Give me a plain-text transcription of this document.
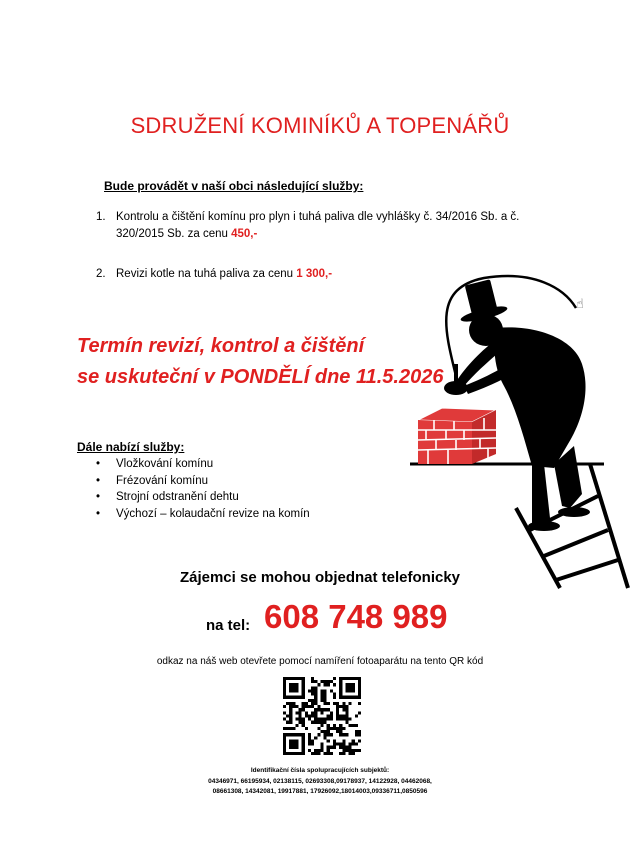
SDRUŽENÍ KOMINÍKŮ A TOPENÁŘŮ
Bude provádět v naší obci následující služby:
1. Kontrolu a čištění komínu pro plyn i tuhá paliva dle vyhlášky č. 34/2016 Sb. a č. 320/2015 Sb. za cenu 450,-
2. Revizi kotle na tuhá paliva za cenu 1 300,-
Termín revizí, kontrol a čištění
se uskuteční v PONDĚLÍ dne 11.5.2026
Dále nabízí služby:
• Vložkování komínu
• Frézování komínu
• Strojní odstranění dehtu
• Výchozí – kolaudační revize na komín
☝
Zájemci se mohou objednat telefonicky
na tel: 608 748 989
odkaz na náš web otevřete pomocí namíření fotoaparátu na tento QR kód
Identifikační čísla spolupracujících subjektů:
04346971, 66195934, 02138115, 02693308,09178937, 14122928, 04462068,
08661308, 14342081, 19917881, 17926092,18014003,09336711,0850596
